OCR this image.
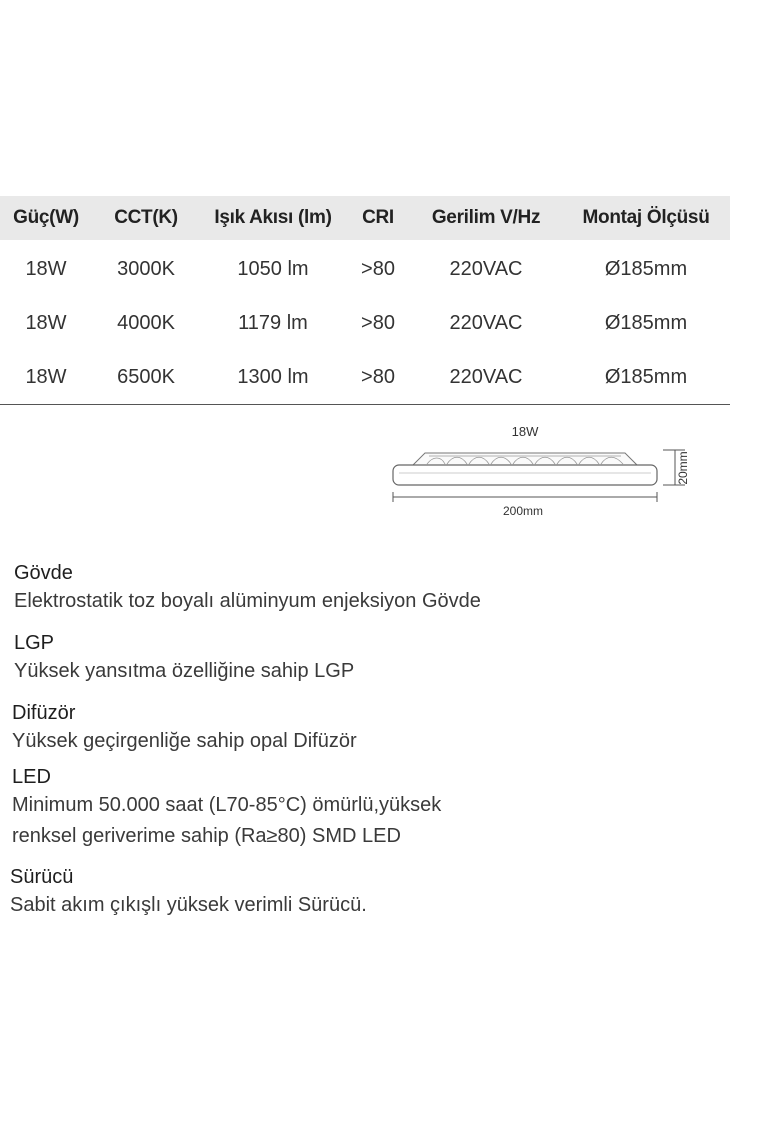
Güç(W)	CCT(K)	Işık Akısı (lm)	CRI	Gerilim V/Hz	Montaj Ölçüsü
18W	3000K	1050 lm	>80	220VAC	Ø185mm
18W	4000K	1179 lm	>80	220VAC	Ø185mm
18W	6500K	1300 lm	>80	220VAC	Ø185mm
18W
20mm
200mm

Gövde

Elektrostatik toz boyalı alüminyum enjeksiyon Gövde

LGP

Yüksek yansıtma özelliğine sahip LGP

Difüzör

Yüksek geçirgenliğe sahip opal Difüzör

LED

Minimum 50.000 saat (L70-85°C) ömürlü,yüksek

renksel geriverime sahip (Ra≥80) SMD LED

Sürücü

Sabit akım çıkışlı yüksek verimli Sürücü.
